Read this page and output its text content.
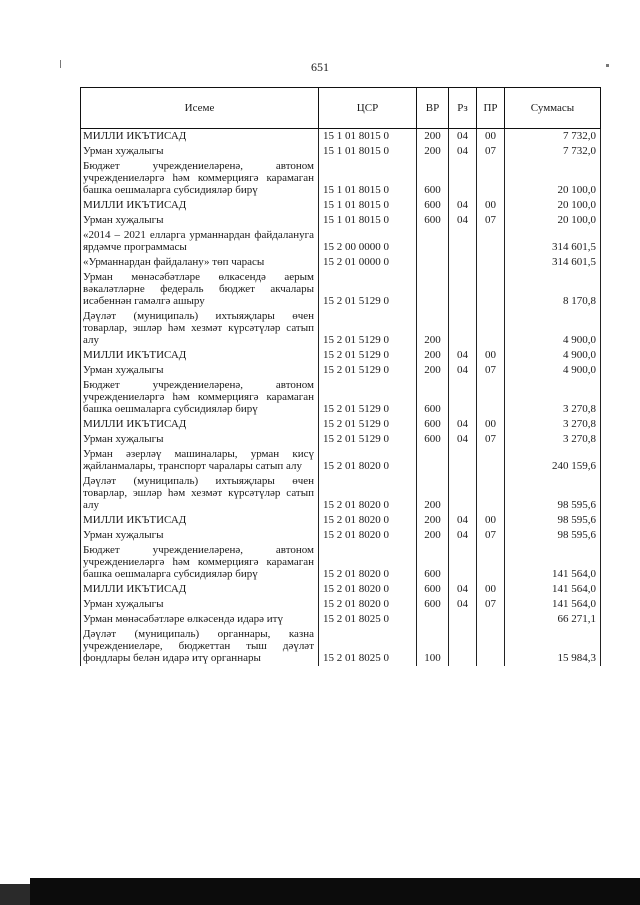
651
Исеме	ЦСР	ВР	Рз	ПР	Суммасы
МИЛЛИ ИКЪТИСАД	15 1 01 8015 0	200	04	00	7 732,0
Урман хуҗалыгы	15 1 01 8015 0	200	04	07	7 732,0
Бюджет учреждениеләренә, автоном учреждениеләргә һәм коммерциягә карамаган башка оешмаларга субсидияләр бирү	15 1 01 8015 0	600			20 100,0
МИЛЛИ ИКЪТИСАД	15 1 01 8015 0	600	04	00	20 100,0
Урман хуҗалыгы	15 1 01 8015 0	600	04	07	20 100,0
«2014 – 2021 елларга урманнардан файдалануга ярдәмче программасы	15 2 00 0000 0				314 601,5
«Урманнардан файдалану» төп чарасы	15 2 01 0000 0				314 601,5
Урман мөнәсәбәтләре өлкәсендә аерым вәкаләтләрне федераль бюджет акчалары исәбеннән гамәлгә ашыру	15 2 01 5129 0				8 170,8
Дәүләт (муниципаль) ихтыяҗлары өчен товарлар, эшләр һәм хезмәт күрсәтүләр сатып алу	15 2 01 5129 0	200			4 900,0
МИЛЛИ ИКЪТИСАД	15 2 01 5129 0	200	04	00	4 900,0
Урман хуҗалыгы	15 2 01 5129 0	200	04	07	4 900,0
Бюджет учреждениеләренә, автоном учреждениеләргә һәм коммерциягә карамаган башка оешмаларга субсидияләр бирү	15 2 01 5129 0	600			3 270,8
МИЛЛИ ИКЪТИСАД	15 2 01 5129 0	600	04	00	3 270,8
Урман хуҗалыгы	15 2 01 5129 0	600	04	07	3 270,8
Урман әзерләү машиналары, урман кисү җайланмалары, транспорт чаралары сатып алу	15 2 01 8020 0				240 159,6
Дәүләт (муниципаль) ихтыяҗлары өчен товарлар, эшләр һәм хезмәт күрсәтүләр сатып алу	15 2 01 8020 0	200			98 595,6
МИЛЛИ ИКЪТИСАД	15 2 01 8020 0	200	04	00	98 595,6
Урман хуҗалыгы	15 2 01 8020 0	200	04	07	98 595,6
Бюджет учреждениеләренә, автоном учреждениеләргә һәм коммерциягә карамаган башка оешмаларга субсидияләр бирү	15 2 01 8020 0	600			141 564,0
МИЛЛИ ИКЪТИСАД	15 2 01 8020 0	600	04	00	141 564,0
Урман хуҗалыгы	15 2 01 8020 0	600	04	07	141 564,0
Урман мөнәсәбәтләре өлкәсендә идарә итү	15 2 01 8025 0				66 271,1
Дәүләт (муниципаль) органнары, казна учреждениеләре, бюджеттан тыш дәүләт фондлары белән идарә итү органнары	15 2 01 8025 0	100			15 984,3
